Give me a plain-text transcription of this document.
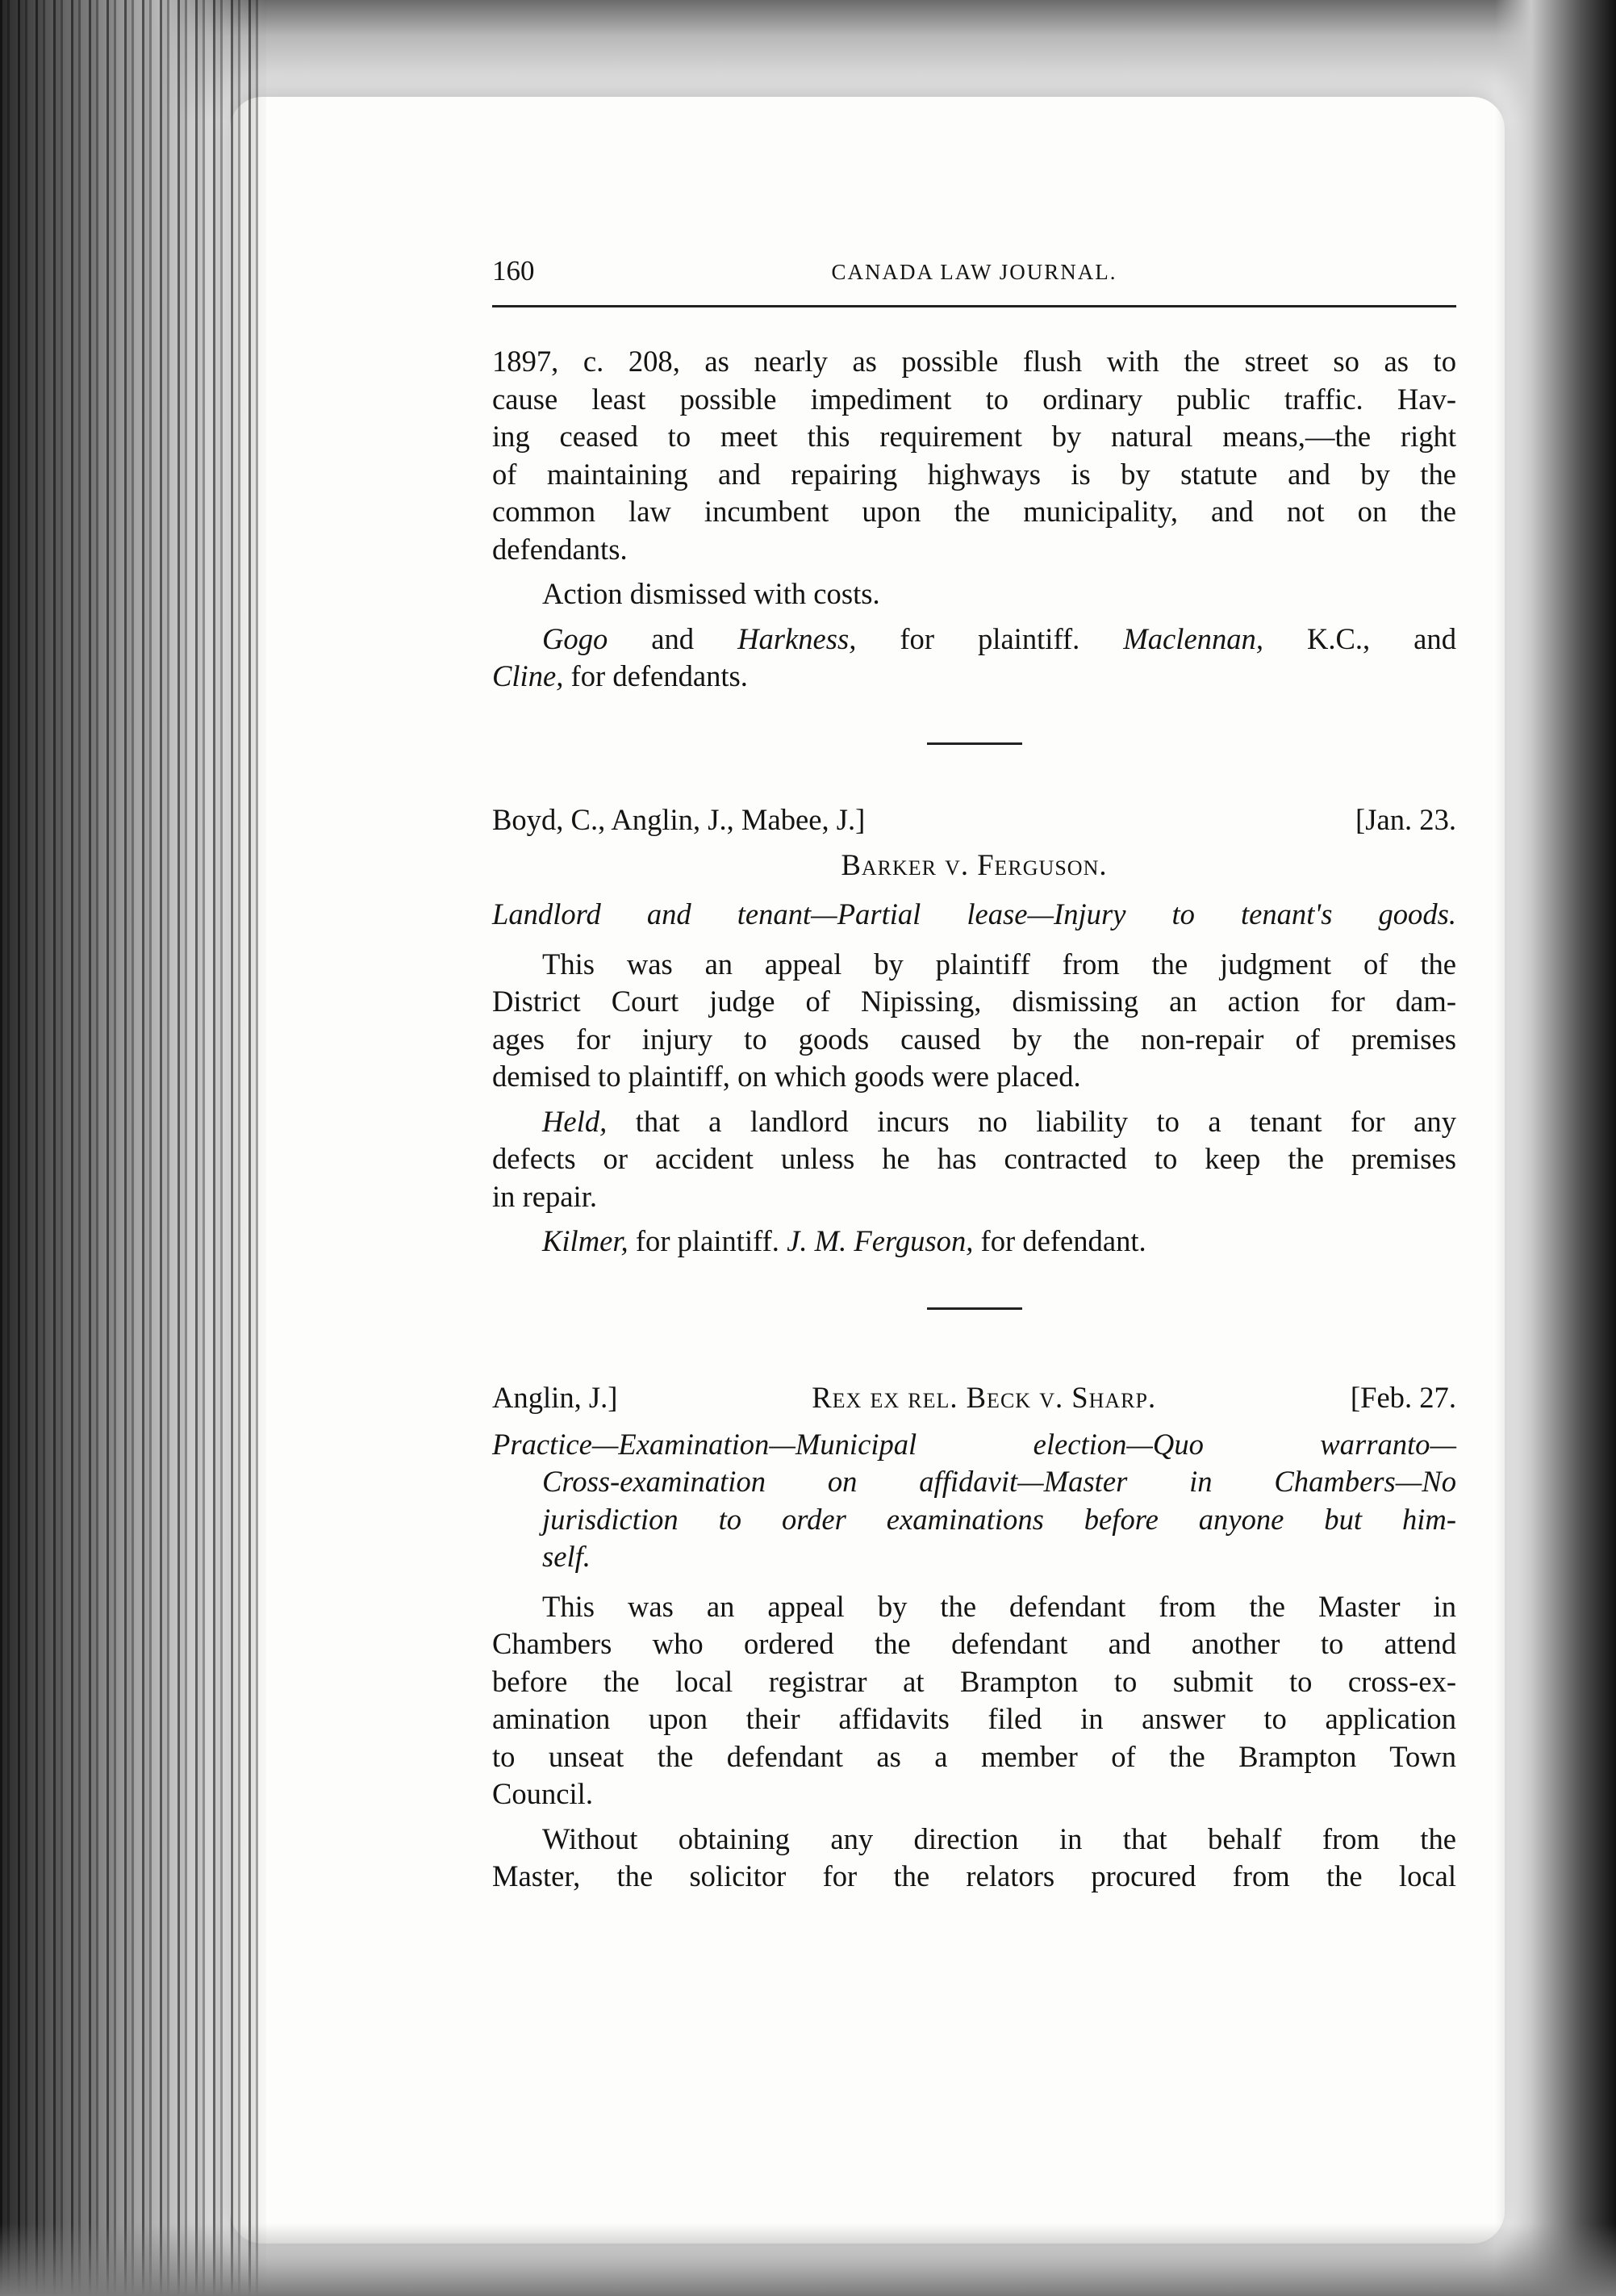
160	CANADA LAW JOURNAL.

1897, c. 208, as nearly as possible flush with the street so as to

cause least possible impediment to ordinary public traffic. Hav-

ing ceased to meet this requirement by natural means,—the right

of maintaining and repairing highways is by statute and by the

common law incumbent upon the municipality, and not on the

defendants.

Action dismissed with costs.

Gogo and Harkness, for plaintiff. Maclennan, K.C., and

Cline, for defendants.

Boyd, C., Anglin, J., Mabee, J.]	[Jan. 23.
Barker v. Ferguson.

Landlord and tenant—Partial lease—Injury to tenant's goods.

This was an appeal by plaintiff from the judgment of the

District Court judge of Nipissing, dismissing an action for dam-

ages for injury to goods caused by the non-repair of premises

demised to plaintiff, on which goods were placed.

Held, that a landlord incurs no liability to a tenant for any

defects or accident unless he has contracted to keep the premises

in repair.

Kilmer, for plaintiff. J. M. Ferguson, for defendant.

Anglin, J.]	Rex ex rel. Beck v. Sharp.	[Feb. 27.
Practice—Examination—Municipal election—Quo warranto—
Cross-examination on affidavit—Master in Chambers—No
jurisdiction to order examinations before anyone but him-
self.

This was an appeal by the defendant from the Master in

Chambers who ordered the defendant and another to attend

before the local registrar at Brampton to submit to cross-ex-

amination upon their affidavits filed in answer to application

to unseat the defendant as a member of the Brampton Town

Council.

Without obtaining any direction in that behalf from the

Master, the solicitor for the relators procured from the local
